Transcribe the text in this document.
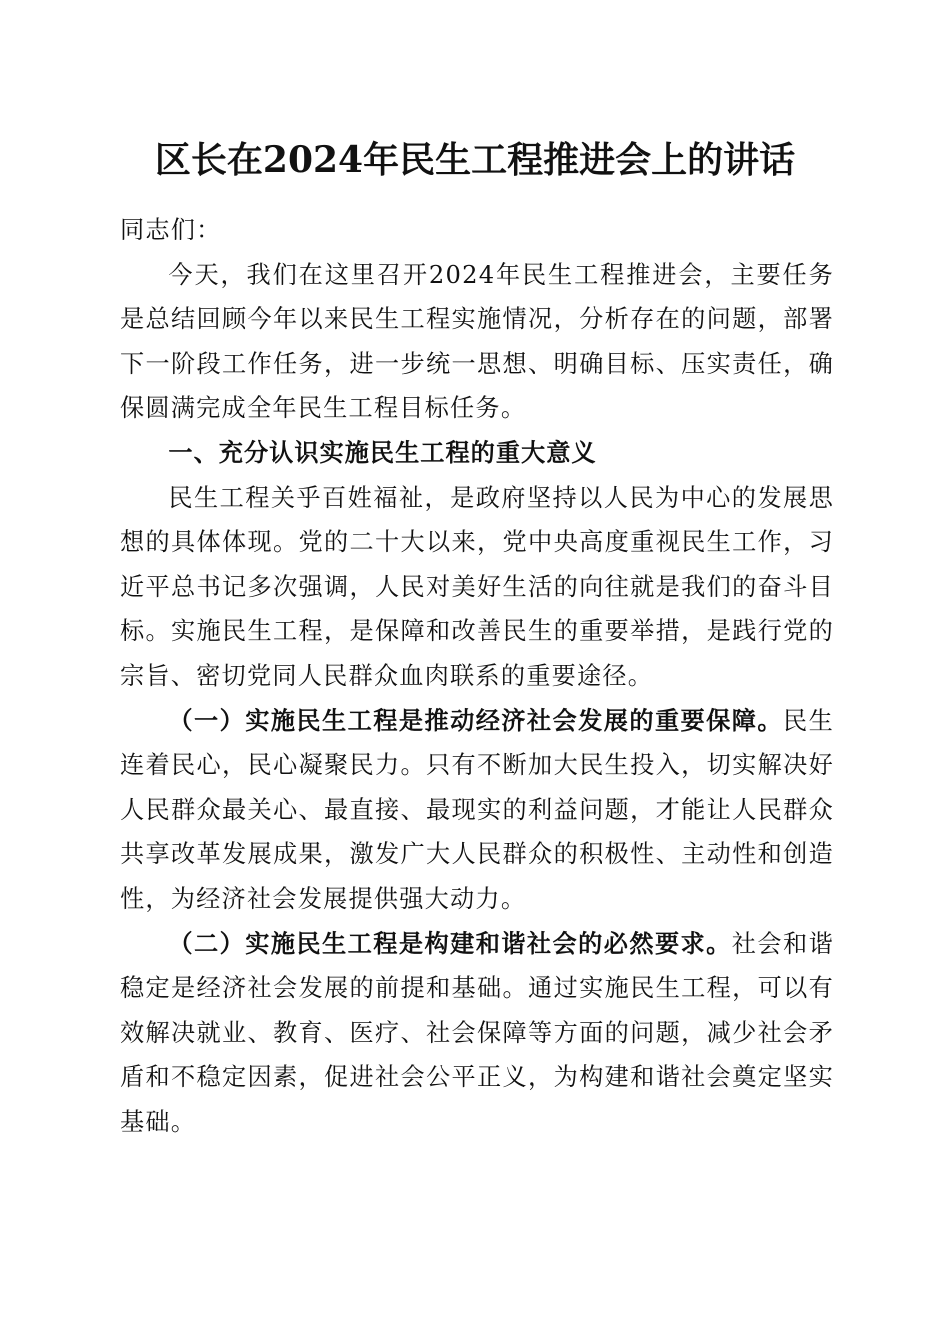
区长在2024年民生工程推进会上的讲话

同志们：

今天，我们在这里召开2024年民生工程推进会，主要任务是总结回顾今年以来民生工程实施情况，分析存在的问题，部署下一阶段工作任务，进一步统一思想、明确目标、压实责任，确保圆满完成全年民生工程目标任务。

一、充分认识实施民生工程的重大意义

民生工程关乎百姓福祉，是政府坚持以人民为中心的发展思想的具体体现。党的二十大以来，党中央高度重视民生工作，习近平总书记多次强调，人民对美好生活的向往就是我们的奋斗目标。实施民生工程，是保障和改善民生的重要举措，是践行党的宗旨、密切党同人民群众血肉联系的重要途径。

（一）实施民生工程是推动经济社会发展的重要保障。民生连着民心，民心凝聚民力。只有不断加大民生投入，切实解决好人民群众最关心、最直接、最现实的利益问题，才能让人民群众共享改革发展成果，激发广大人民群众的积极性、主动性和创造性，为经济社会发展提供强大动力。

（二）实施民生工程是构建和谐社会的必然要求。社会和谐稳定是经济社会发展的前提和基础。通过实施民生工程，可以有效解决就业、教育、医疗、社会保障等方面的问题，减少社会矛盾和不稳定因素，促进社会公平正义，为构建和谐社会奠定坚实基础。
